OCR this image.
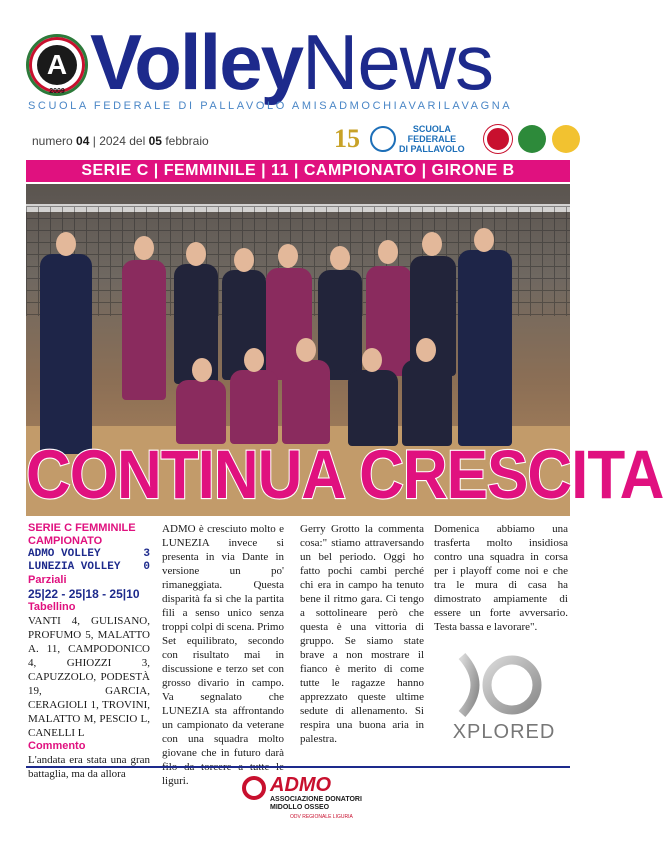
A
2009 VolleyNews
SCUOLA FEDERALE DI PALLAVOLO AMISADMOCHIAVARILAVAGNA
numero 04 | 2024 del 05 febbraio	15	SCUOLA
FEDERALE
DI PALLAVOLO
SERIE C | FEMMINILE | 11 | CAMPIONATO | GIRONE B
CONTINUA CRESCITA
SERIE C FEMMINILE
CAMPIONATO
ADMO VOLLEY	3
LUNEZIA VOLLEY 0
Parziali
25|22 - 25|18 - 25|10
Tabellino

VANTI 4, GULISANO, PROFUMO 5, MALATTO A. 11, CAMPODONICO 4, GHIOZZI 3, CAPUZZOLO, PODESTÀ 19, GARCIA, CERAGIOLI 1, TROVINI, MALATTO M, PESCIO L, CANELLI L

Commento

L'andata era stata una gran battaglia, ma da allora

ADMO è cresciuto molto e LUNEZIA invece si presenta in via Dante in versione un po' rimaneggiata. Questa disparità fa sì che la partita fili a senso unico senza troppi colpi di scena. Primo Set equilibrato, secondo con risultato mai in discussione e terzo set con grosso divario in campo. Va segnalato che LUNEZIA sta affrontando un campionato da veterane con una squadra molto giovane che in futuro darà liguri.

Gerry Grotto la commenta cosa:" stiamo attraversando un bel periodo. Oggi ho fatto pochi cambi perché chi era in campo ha tenuto bene il ritmo gara. Ci tengo a sottolineare però che questa è una vittoria di gruppo. Se siamo state brave a non mostrare il fianco è merito di come tutte le ragazze hanno apprezzato queste ultime sedute di allenamento. Si respira una buona aria in palestra.

Domenica abbiamo una trasferta molto insidiosa contro una squadra in corsa per i playoff come noi e che tra le mura di casa ha dimostrato ampiamente di essere un forte avversario. Testa bassa e lavorare".

XPLORED
ADMO
ASSOCIAZIONE DONATORI
MIDOLLO OSSEO
ODV REGIONALE LIGURIA
